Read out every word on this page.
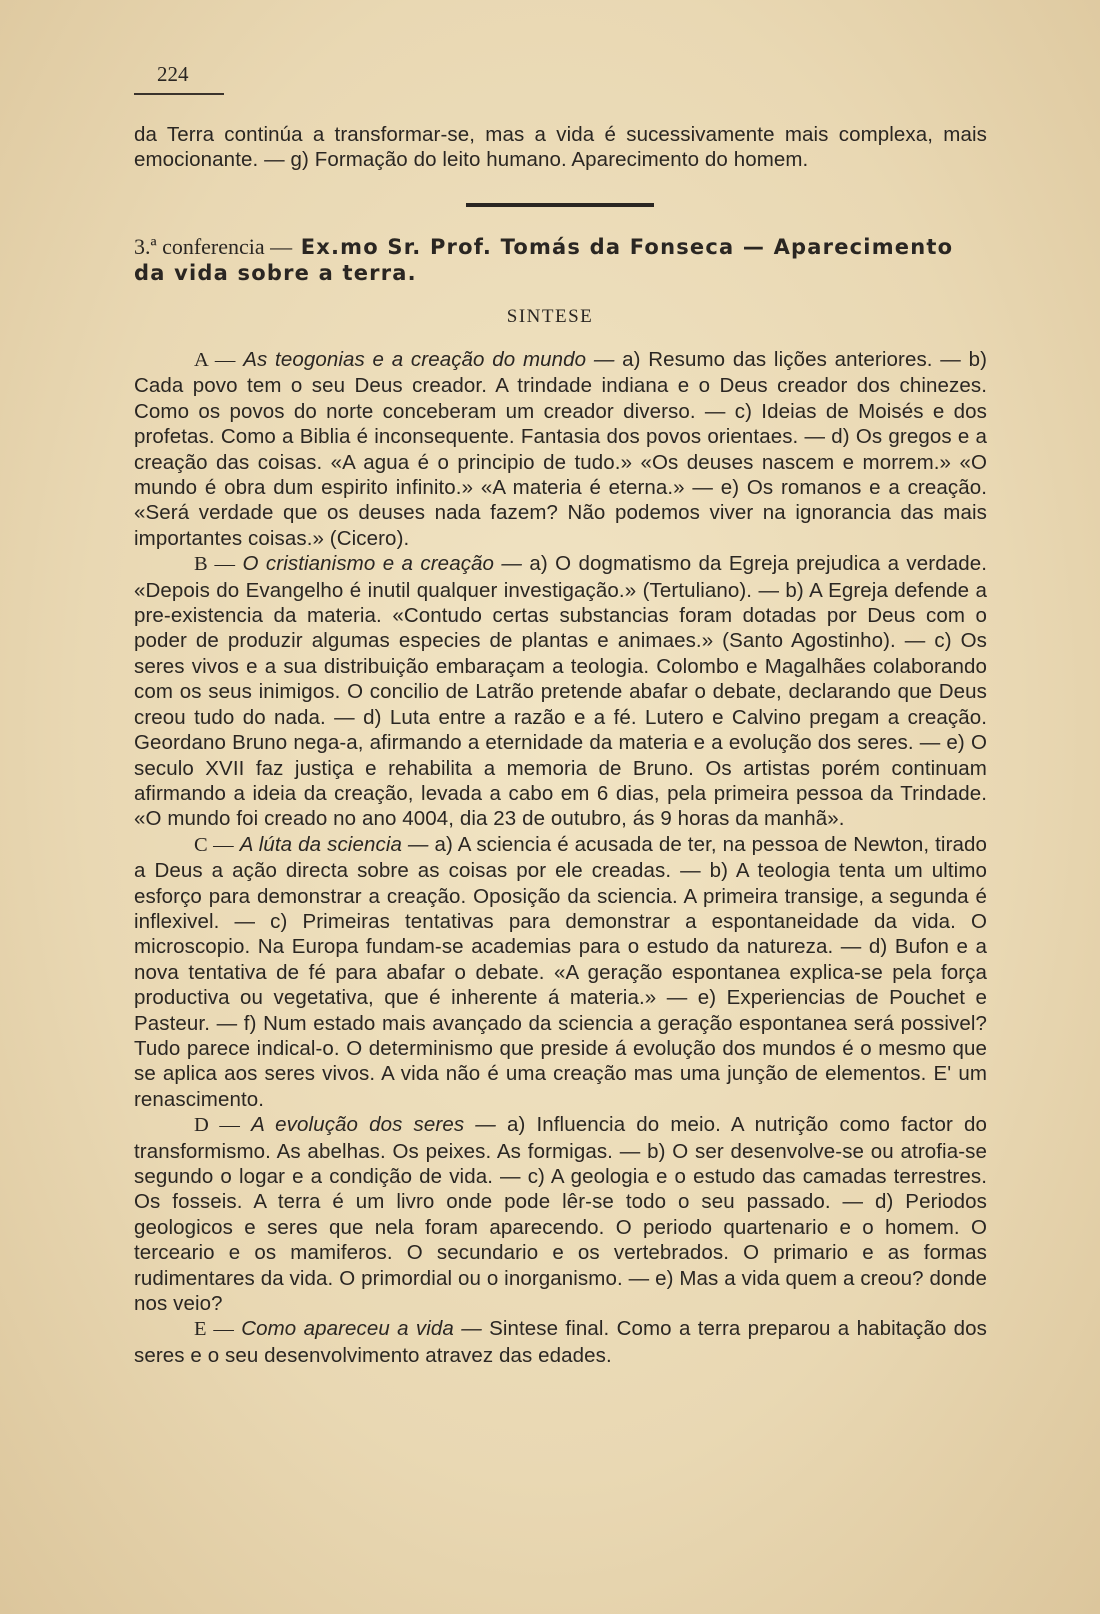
224

da Terra continúa a transformar-se, mas a vida é sucessivamente mais complexa, mais emocionante. — g) Formação do leito humano. Aparecimento do homem.

3.ª conferencia — Ex.mo Sr. Prof. Tomás da Fonseca — Aparecimento da vida sobre a terra.
SINTESE

A — As teogonias e a creação do mundo — a) Resumo das lições anteriores. — b) Cada povo tem o seu Deus creador. A trindade indiana e o Deus creador dos chinezes. Como os povos do norte conceberam um creador diverso. — c) Ideias de Moisés e dos profetas. Como a Biblia é inconsequente. Fantasia dos povos orientaes. — d) Os gregos e a creação das coisas. «A agua é o principio de tudo.» «Os deuses nascem e morrem.» «O mundo é obra dum espirito infinito.» «A materia é eterna.» — e) Os romanos e a creação. «Será verdade que os deuses nada fazem? Não podemos viver na ignorancia das mais importantes coisas.» (Cicero).

B — O cristianismo e a creação — a) O dogmatismo da Egreja prejudica a verdade. «Depois do Evangelho é inutil qualquer investigação.» (Tertuliano). — b) A Egreja defende a pre-existencia da materia. «Contudo certas substancias foram dotadas por Deus com o poder de produzir algumas especies de plantas e animaes.» (Santo Agostinho). — c) Os seres vivos e a sua distribuição embaraçam a teologia. Colombo e Magalhães colaborando com os seus inimigos. O concilio de Latrão pretende abafar o debate, declarando que Deus creou tudo do nada. — d) Luta entre a razão e a fé. Lutero e Calvino pregam a creação. Geordano Bruno nega-a, afirmando a eternidade da materia e a evolução dos seres. — e) O seculo XVII faz justiça e rehabilita a memoria de Bruno. Os artistas porém continuam afirmando a ideia da creação, levada a cabo em 6 dias, pela primeira pessoa da Trindade. «O mundo foi creado no ano 4004, dia 23 de outubro, ás 9 horas da manhã».

C — A lúta da sciencia — a) A sciencia é acusada de ter, na pessoa de Newton, tirado a Deus a ação directa sobre as coisas por ele creadas. — b) A teologia tenta um ultimo esforço para demonstrar a creação. Oposição da sciencia. A primeira transige, a segunda é inflexivel. — c) Primeiras tentativas para demonstrar a espontaneidade da vida. O microscopio. Na Europa fundam-se academias para o estudo da natureza. — d) Bufon e a nova tentativa de fé para abafar o debate. «A geração espontanea explica-se pela força productiva ou vegetativa, que é inherente á materia.» — e) Experiencias de Pouchet e Pasteur. — f) Num estado mais avançado da sciencia a geração espontanea será possivel? Tudo parece indical-o. O determinismo que preside á evolução dos mundos é o mesmo que se aplica aos seres vivos. A vida não é uma creação mas uma junção de elementos. E' um renascimento.

D — A evolução dos seres — a) Influencia do meio. A nutrição como factor do transformismo. As abelhas. Os peixes. As formigas. — b) O ser desenvolve-se ou atrofia-se segundo o logar e a condição de vida. — c) A geologia e o estudo das camadas terrestres. Os fosseis. A terra é um livro onde pode lêr-se todo o seu passado. — d) Periodos geologicos e seres que nela foram aparecendo. O periodo quartenario e o homem. O tercеario e os mamiferos. O secundario e os vertebrados. O primario e as formas rudimentares da vida. O primordial ou o inorganismo. — e) Mas a vida quem a creou? donde nos veio?

E — Como apareceu a vida — Sintese final. Como a terra preparou a habitação dos seres e o seu desenvolvimento atravez das edades.
